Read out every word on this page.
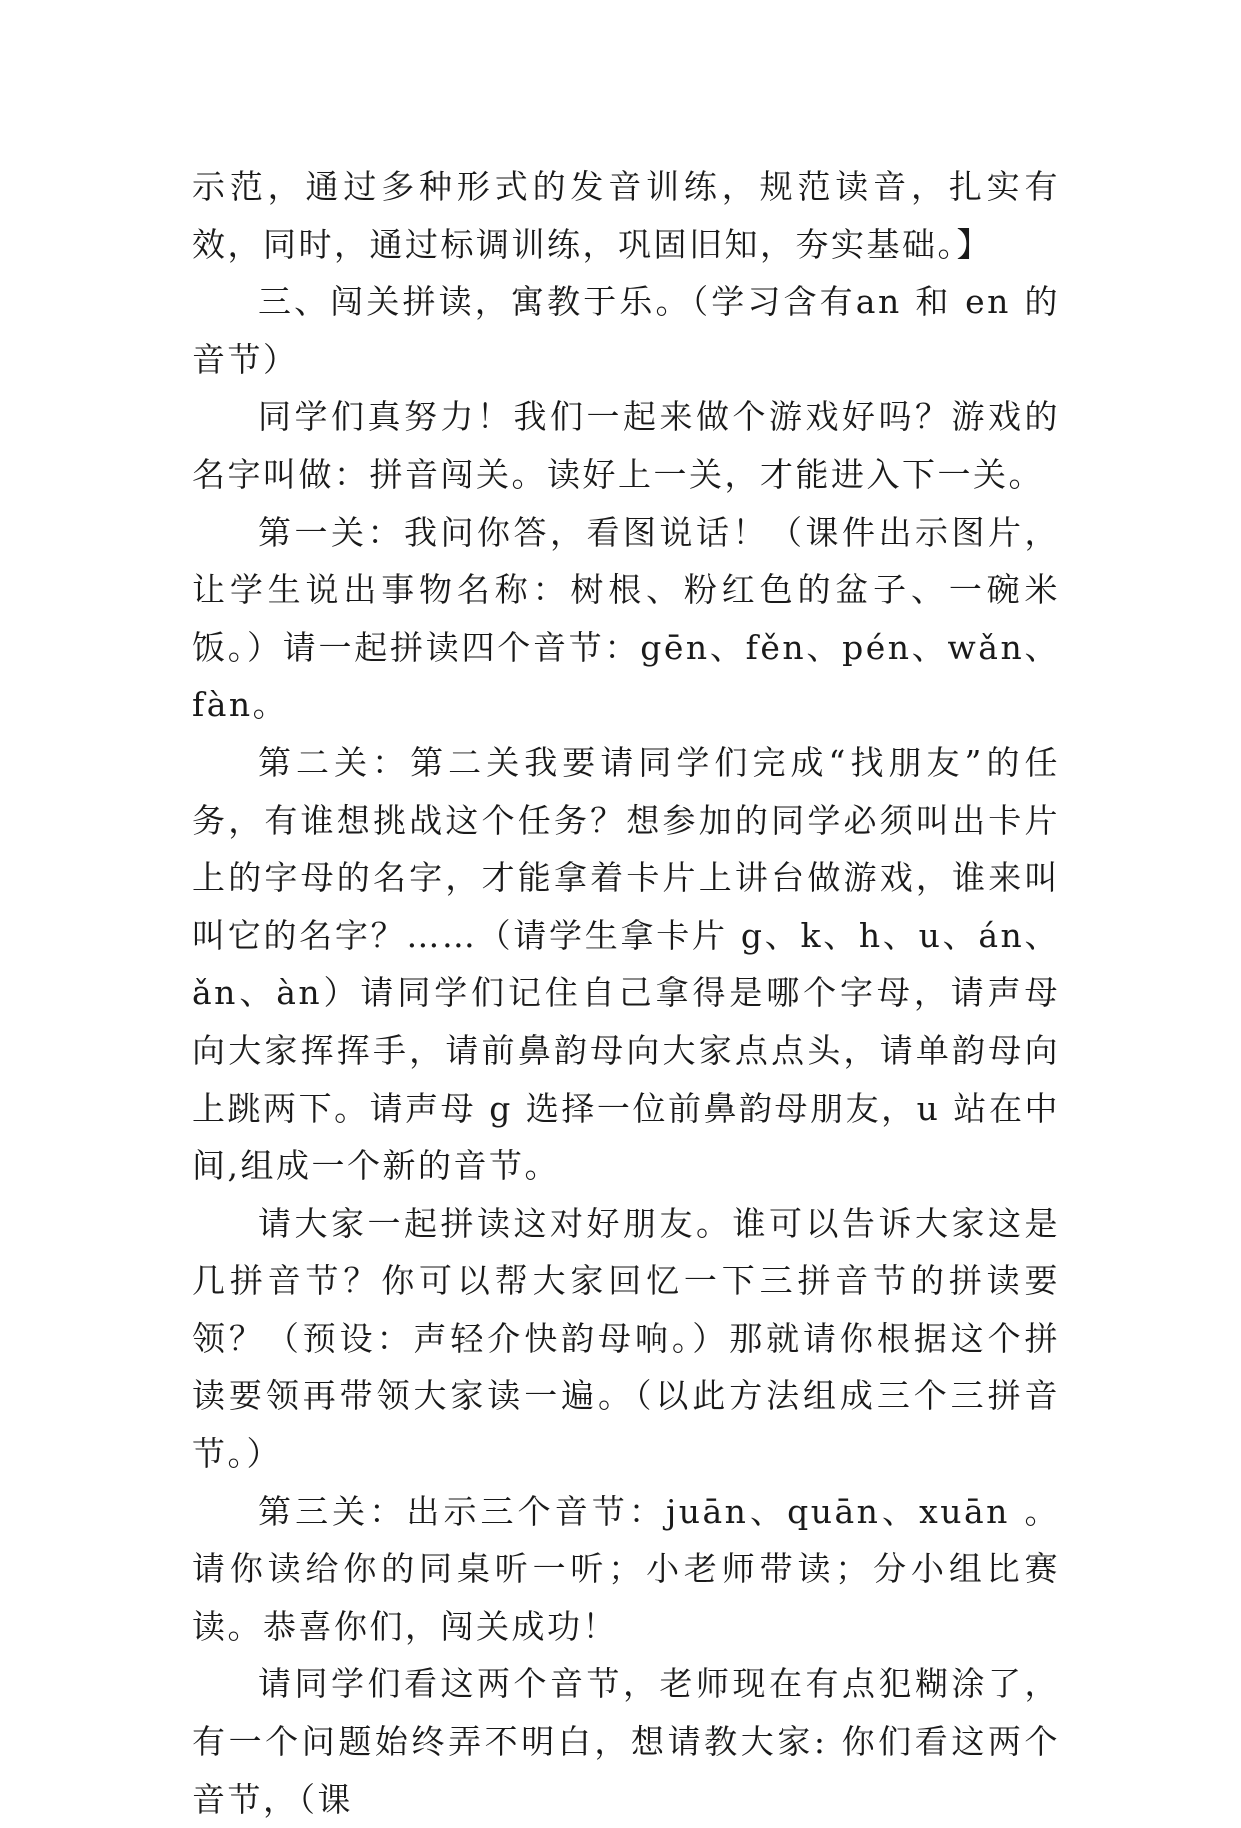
示范，通过多种形式的发音训练，规范读音，扎实有效，同时，通过标调训练，巩固旧知，夯实基础。】

三、闯关拼读，寓教于乐。（学习含有an 和 en 的音节）

同学们真努力！我们一起来做个游戏好吗？游戏的名字叫做：拼音闯关。读好上一关，才能进入下一关。

第一关：我问你答，看图说话！（课件出示图片，让学生说出事物名称：树根、粉红色的盆子、一碗米饭。）请一起拼读四个音节：gēn、fěn、pén、wǎn、fàn。

第二关：第二关我要请同学们完成“找朋友”的任务，有谁想挑战这个任务？想参加的同学必须叫出卡片上的字母的名字，才能拿着卡片上讲台做游戏，谁来叫叫它的名字？……（请学生拿卡片 g、k、h、u、án、ǎn、àn）请同学们记住自己拿得是哪个字母，请声母向大家挥挥手，请前鼻韵母向大家点点头，请单韵母向上跳两下。请声母 g 选择一位前鼻韵母朋友，u 站在中间,组成一个新的音节。

请大家一起拼读这对好朋友。谁可以告诉大家这是几拼音节？你可以帮大家回忆一下三拼音节的拼读要领？（预设：声轻介快韵母响。）那就请你根据这个拼读要领再带领大家读一遍。（以此方法组成三个三拼音节。）

第三关：出示三个音节：juān、quān、xuān 。请你读给你的同桌听一听；小老师带读；分小组比赛读。恭喜你们，闯关成功！

请同学们看这两个音节，老师现在有点犯糊涂了，有一个问题始终弄不明白，想请教大家: 你们看这两个音节，（课
